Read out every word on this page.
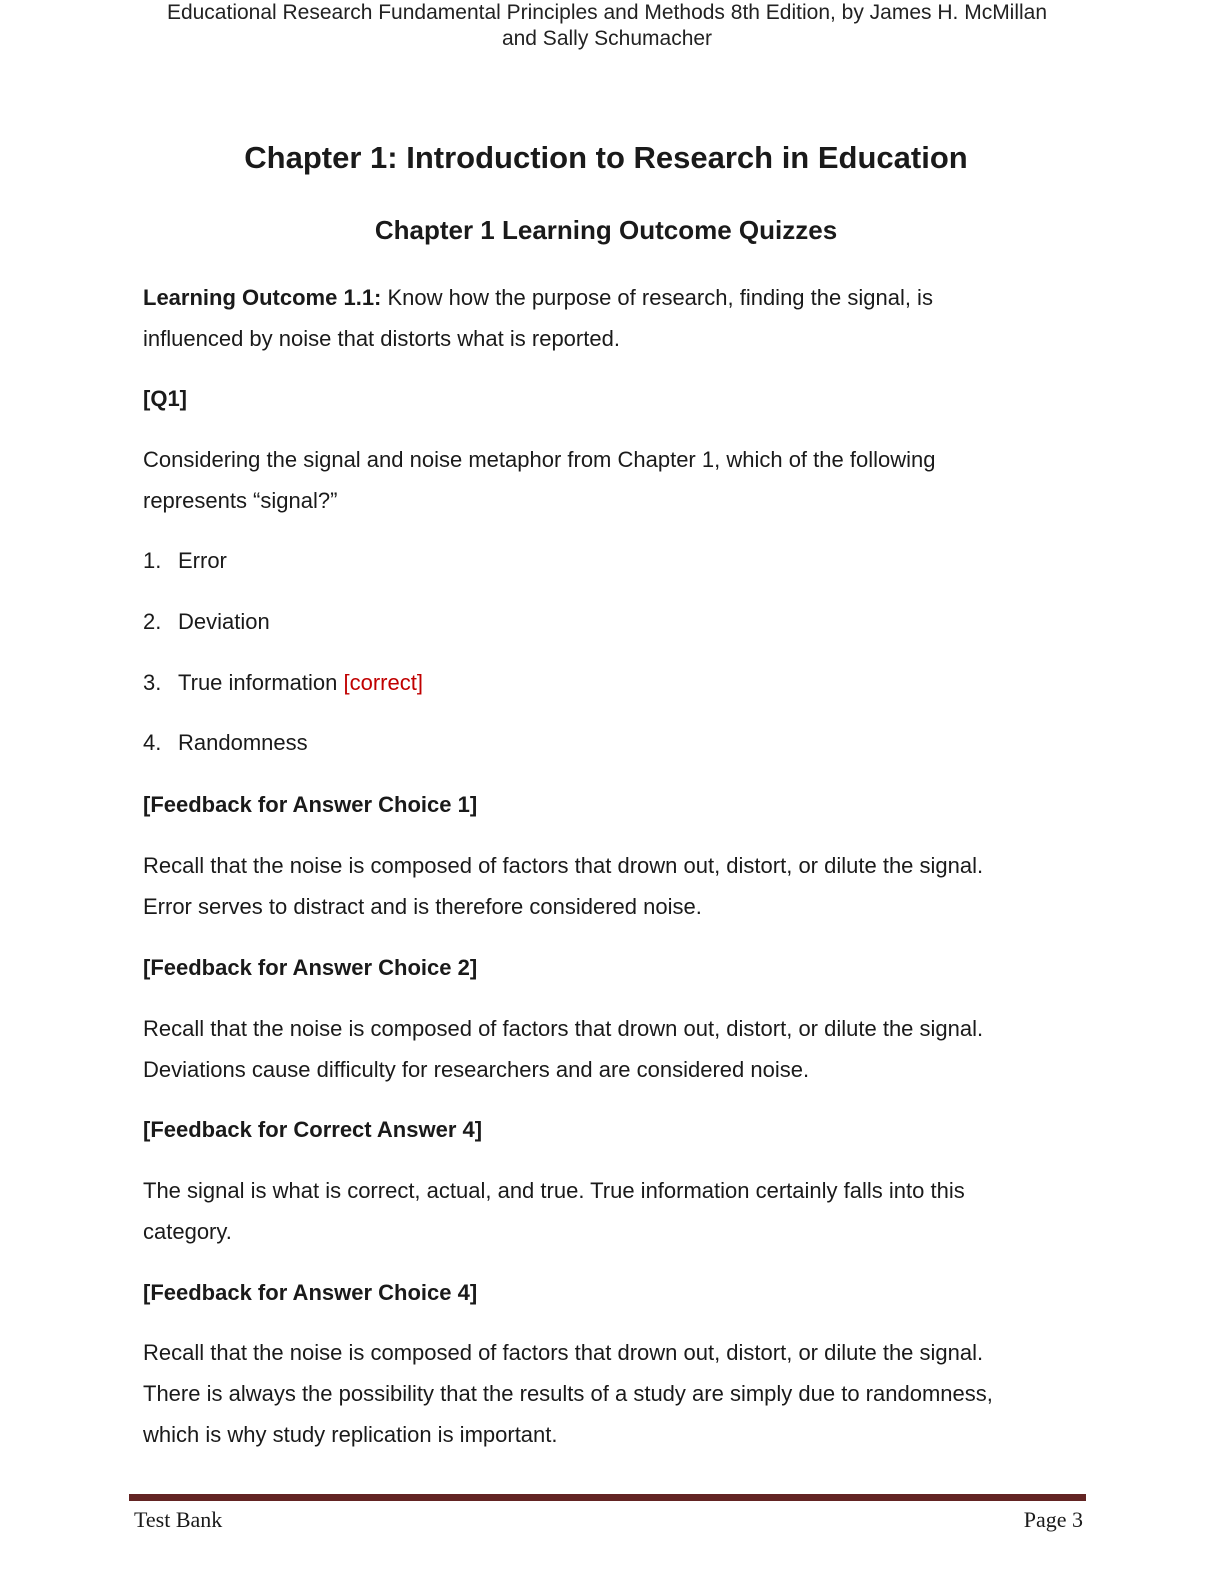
Educational Research Fundamental Principles and Methods 8th Edition, by James H. McMillan
and Sally Schumacher
Chapter 1: Introduction to Research in Education
Chapter 1 Learning Outcome Quizzes
Learning Outcome 1.1: Know how the purpose of research, finding the signal, is
influenced by noise that distorts what is reported.
[Q1]
Considering the signal and noise metaphor from Chapter 1, which of the following
represents “signal?”
1. Error
2. Deviation
3. True information [correct]
4. Randomness
[Feedback for Answer Choice 1]
Recall that the noise is composed of factors that drown out, distort, or dilute the signal.
Error serves to distract and is therefore considered noise.
[Feedback for Answer Choice 2]
Recall that the noise is composed of factors that drown out, distort, or dilute the signal.
Deviations cause difficulty for researchers and are considered noise.
[Feedback for Correct Answer 4]
The signal is what is correct, actual, and true. True information certainly falls into this
category.
[Feedback for Answer Choice 4]
Recall that the noise is composed of factors that drown out, distort, or dilute the signal.
There is always the possibility that the results of a study are simply due to randomness,
which is why study replication is important.
Test Bank	Page 3
